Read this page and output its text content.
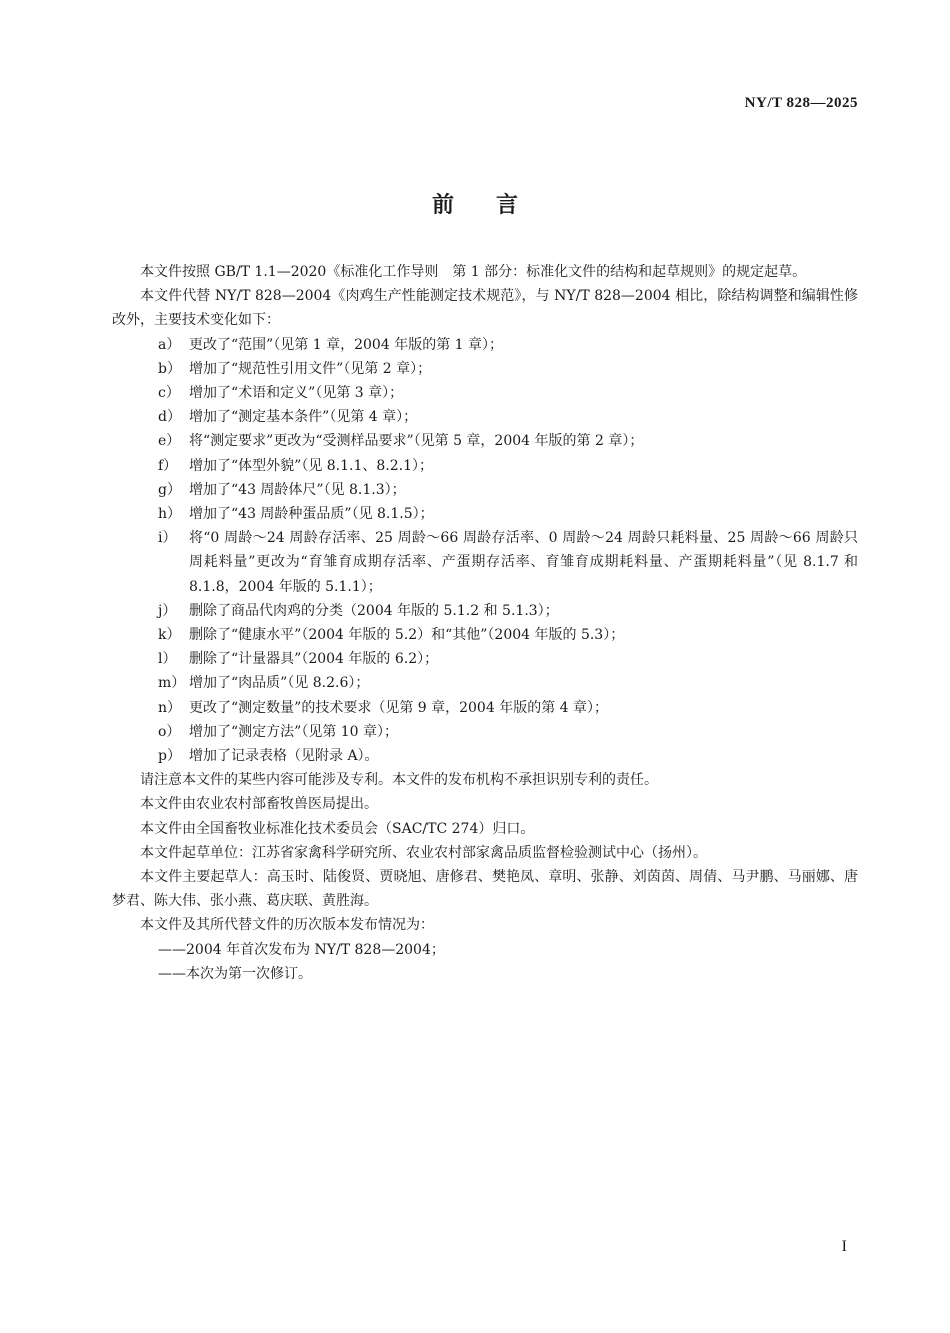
NY/T 828—2025
前言

本文件按照 GB/T 1.1—2020《标准化工作导则　第 1 部分：标准化文件的结构和起草规则》的规定起草。

本文件代替 NY/T 828—2004《肉鸡生产性能测定技术规范》，与 NY/T 828—2004 相比，除结构调整和编辑性修改外，主要技术变化如下：

a） 更改了“范围”（见第 1 章，2004 年版的第 1 章）；
b） 增加了“规范性引用文件”（见第 2 章）；
c） 增加了“术语和定义”（见第 3 章）；
d） 增加了“测定基本条件”（见第 4 章）；
e） 将“测定要求”更改为“受测样品要求”（见第 5 章，2004 年版的第 2 章）；
f） 增加了“体型外貌”（见 8.1.1、8.2.1）；
g） 增加了“43 周龄体尺”（见 8.1.3）；
h） 增加了“43 周龄种蛋品质”（见 8.1.5）；
i） 将“0 周龄～24 周龄存活率、25 周龄～66 周龄存活率、0 周龄～24 周龄只耗料量、25 周龄～66 周龄只周耗料量”更改为“育雏育成期存活率、产蛋期存活率、育雏育成期耗料量、产蛋期耗料量”（见 8.1.7 和 8.1.8，2004 年版的 5.1.1）；
j） 删除了商品代肉鸡的分类（2004 年版的 5.1.2 和 5.1.3）；
k） 删除了“健康水平”（2004 年版的 5.2）和“其他”（2004 年版的 5.3）；
l） 删除了“计量器具”（2004 年版的 6.2）；
m） 增加了“肉品质”（见 8.2.6）；
n） 更改了“测定数量”的技术要求（见第 9 章，2004 年版的第 4 章）；
o） 增加了“测定方法”（见第 10 章）；
p） 增加了记录表格（见附录 A）。

请注意本文件的某些内容可能涉及专利。本文件的发布机构不承担识别专利的责任。

本文件由农业农村部畜牧兽医局提出。

本文件由全国畜牧业标准化技术委员会（SAC/TC 274）归口。

本文件起草单位：江苏省家禽科学研究所、农业农村部家禽品质监督检验测试中心（扬州）。

本文件主要起草人：高玉时、陆俊贤、贾晓旭、唐修君、樊艳凤、章明、张静、刘茵茵、周倩、马尹鹏、马丽娜、唐梦君、陈大伟、张小燕、葛庆联、黄胜海。

本文件及其所代替文件的历次版本发布情况为：

——2004 年首次发布为 NY/T 828—2004；

——本次为第一次修订。

I
